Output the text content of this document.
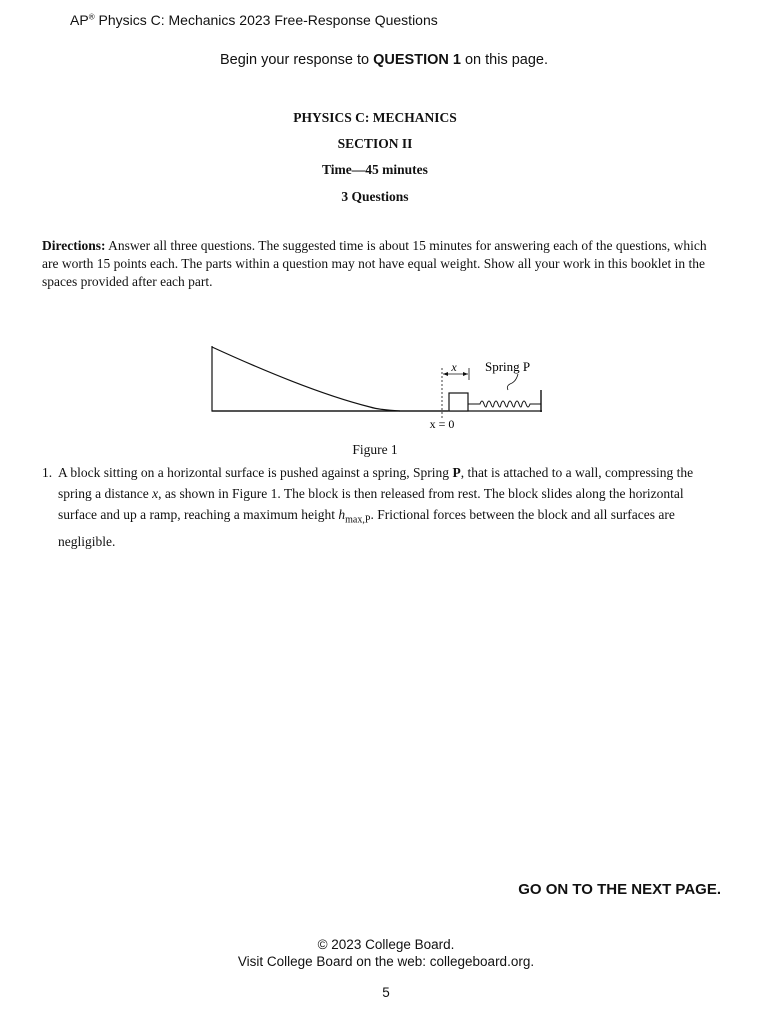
AP® Physics C: Mechanics 2023 Free-Response Questions
Begin your response to QUESTION 1 on this page.
PHYSICS C: MECHANICS
SECTION II
Time—45 minutes
3 Questions
Directions: Answer all three questions. The suggested time is about 15 minutes for answering each of the questions, which are worth 15 points each. The parts within a question may not have equal weight. Show all your work in this booklet in the spaces provided after each part.
x Spring P
x = 0
Figure 1
1. A block sitting on a horizontal surface is pushed against a spring, Spring P, that is attached to a wall, compressing the spring a distance x, as shown in Figure 1. The block is then released from rest. The block slides along the horizontal surface and up a ramp, reaching a maximum height $h_{max,P}$. Frictional forces between the block and all surfaces are negligible.
GO ON TO THE NEXT PAGE.
© 2023 College Board.
Visit College Board on the web: collegeboard.org.
5
